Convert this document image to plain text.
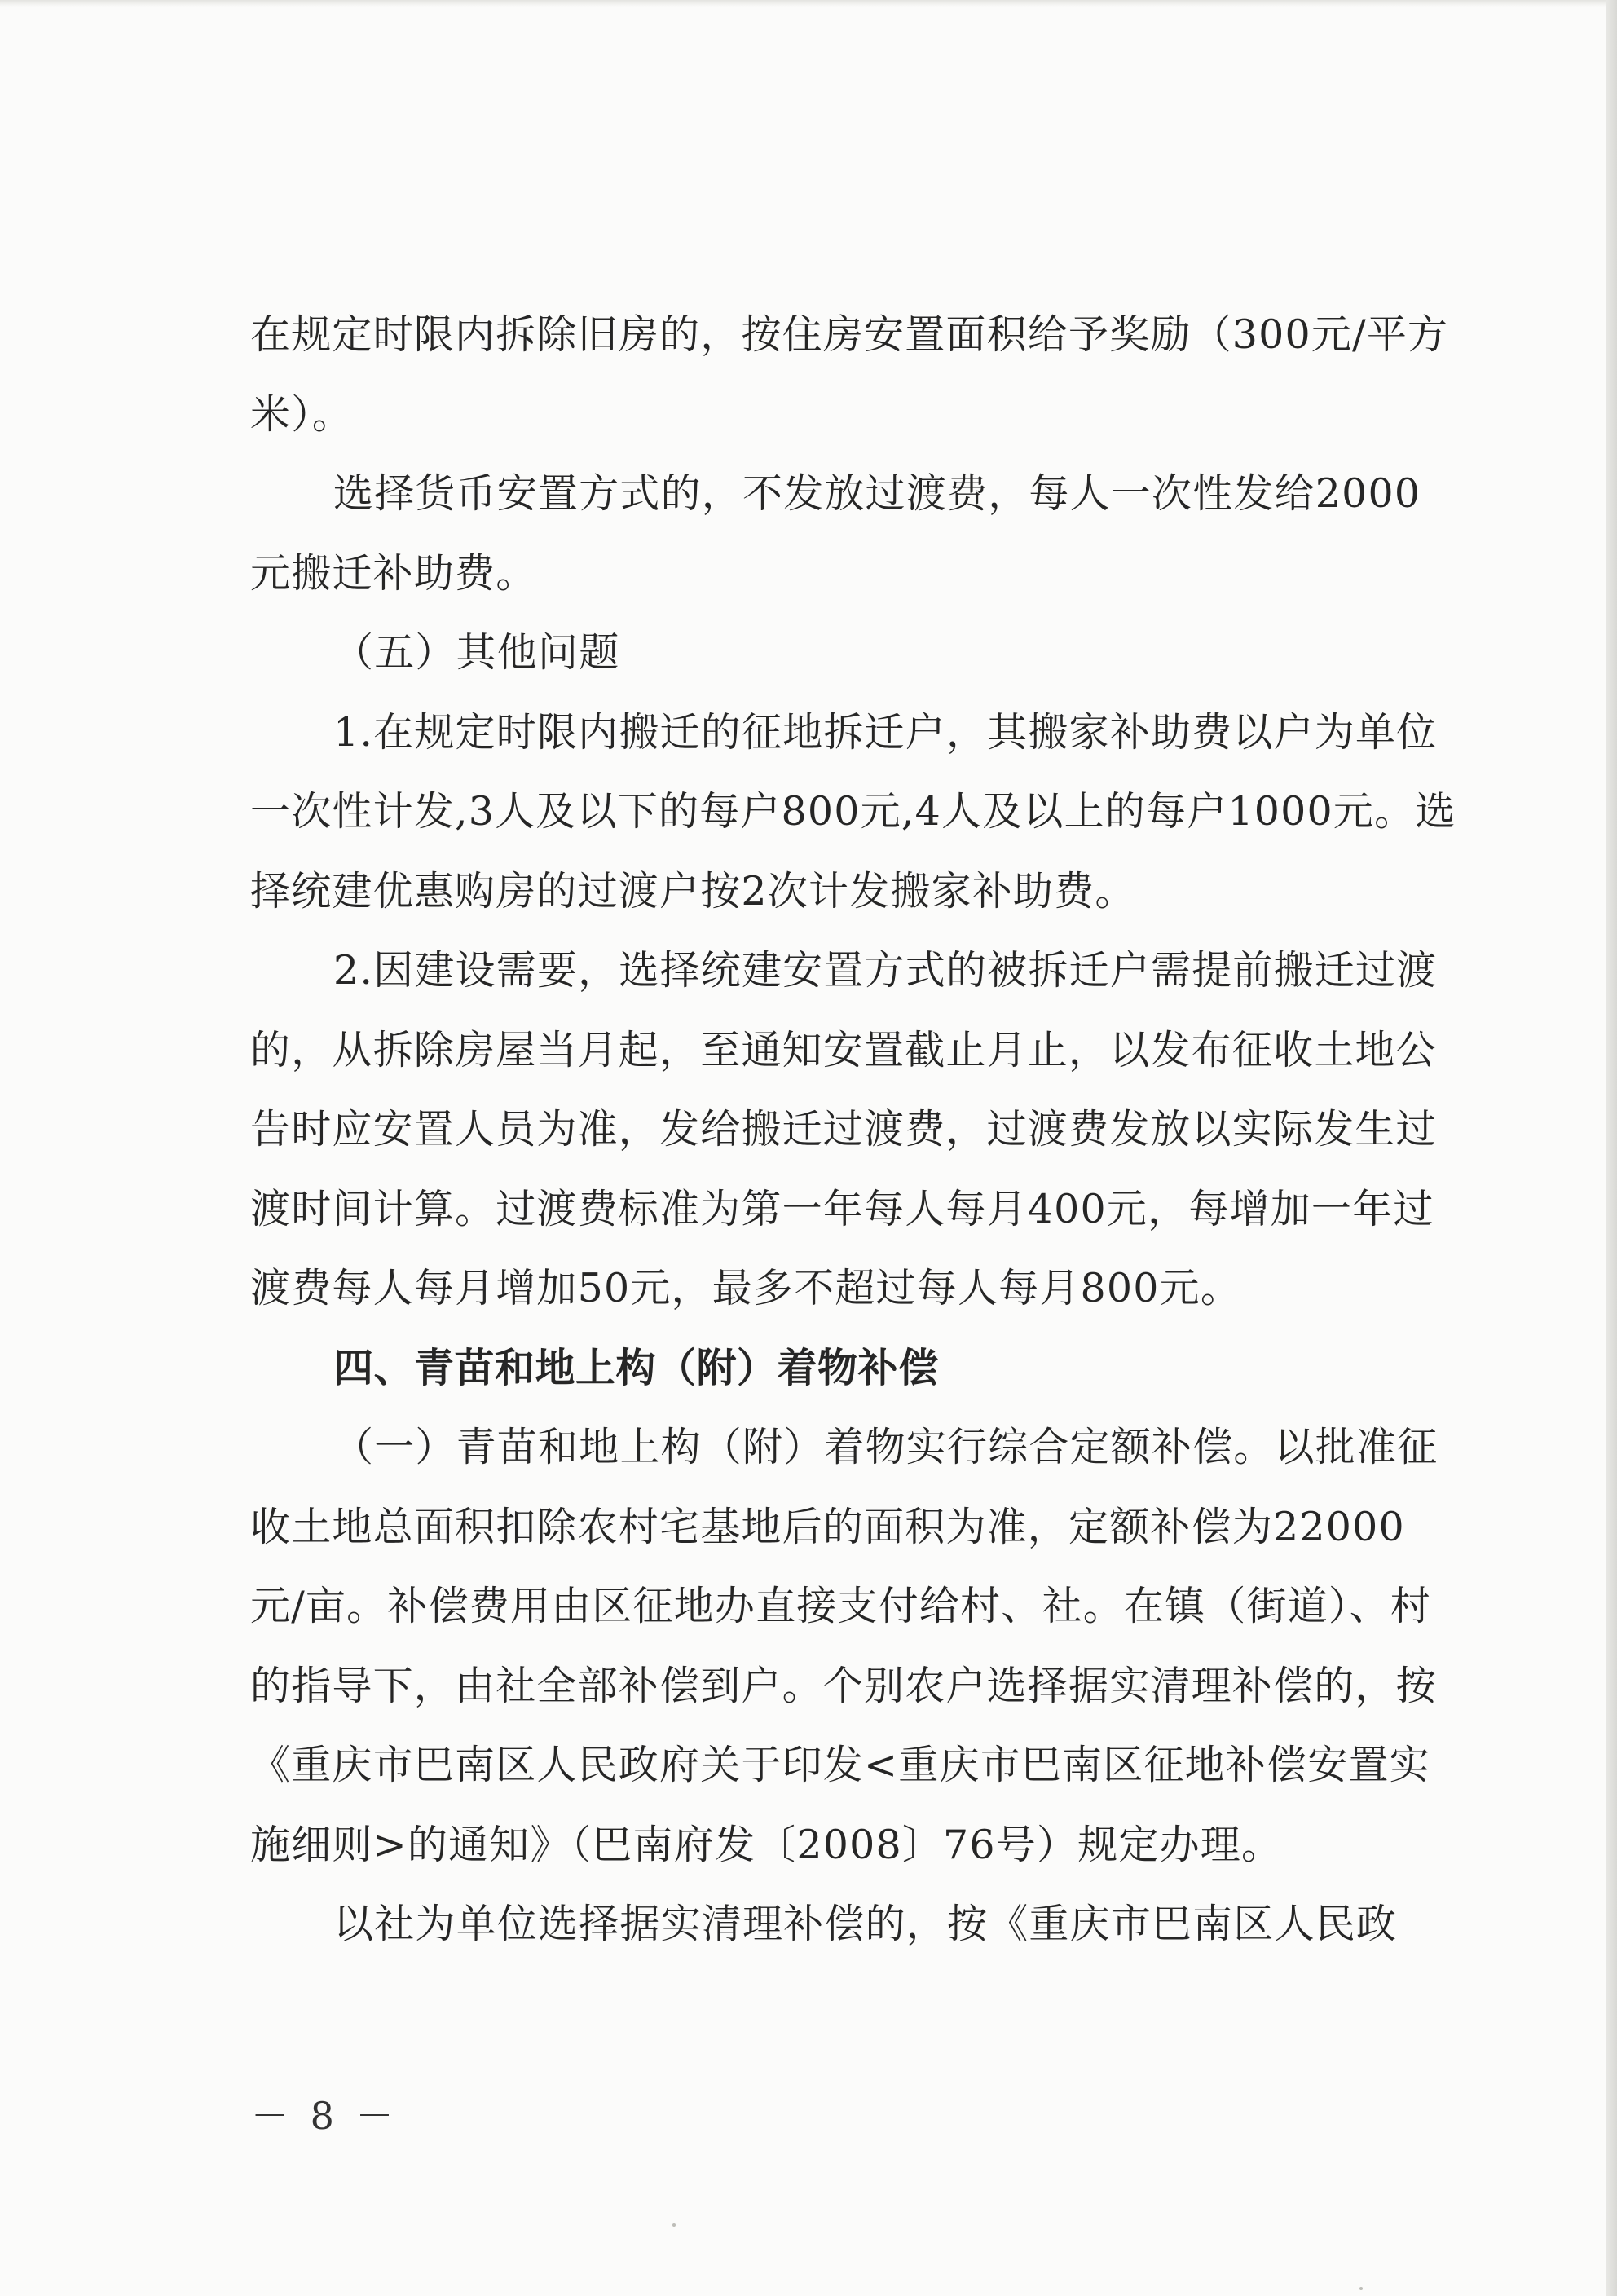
在规定时限内拆除旧房的，按住房安置面积给予奖励（300元/平方米）。

选择货币安置方式的，不发放过渡费，每人一次性发给2000元搬迁补助费。

（五）其他问题

1.在规定时限内搬迁的征地拆迁户，其搬家补助费以户为单位一次性计发,3人及以下的每户800元,4人及以上的每户1000元。选择统建优惠购房的过渡户按2次计发搬家补助费。

2.因建设需要，选择统建安置方式的被拆迁户需提前搬迁过渡的，从拆除房屋当月起，至通知安置截止月止，以发布征收土地公告时应安置人员为准，发给搬迁过渡费，过渡费发放以实际发生过渡时间计算。过渡费标准为第一年每人每月400元，每增加一年过渡费每人每月增加50元，最多不超过每人每月800元。

四、青苗和地上构（附）着物补偿

（一）青苗和地上构（附）着物实行综合定额补偿。以批准征收土地总面积扣除农村宅基地后的面积为准，定额补偿为22000元/亩。补偿费用由区征地办直接支付给村、社。在镇（街道）、村的指导下，由社全部补偿到户。个别农户选择据实清理补偿的，按《重庆市巴南区人民政府关于印发<重庆市巴南区征地补偿安置实施细则>的通知》（巴南府发〔2008〕76号）规定办理。

以社为单位选择据实清理补偿的，按《重庆市巴南区人民政

－ 8 －
